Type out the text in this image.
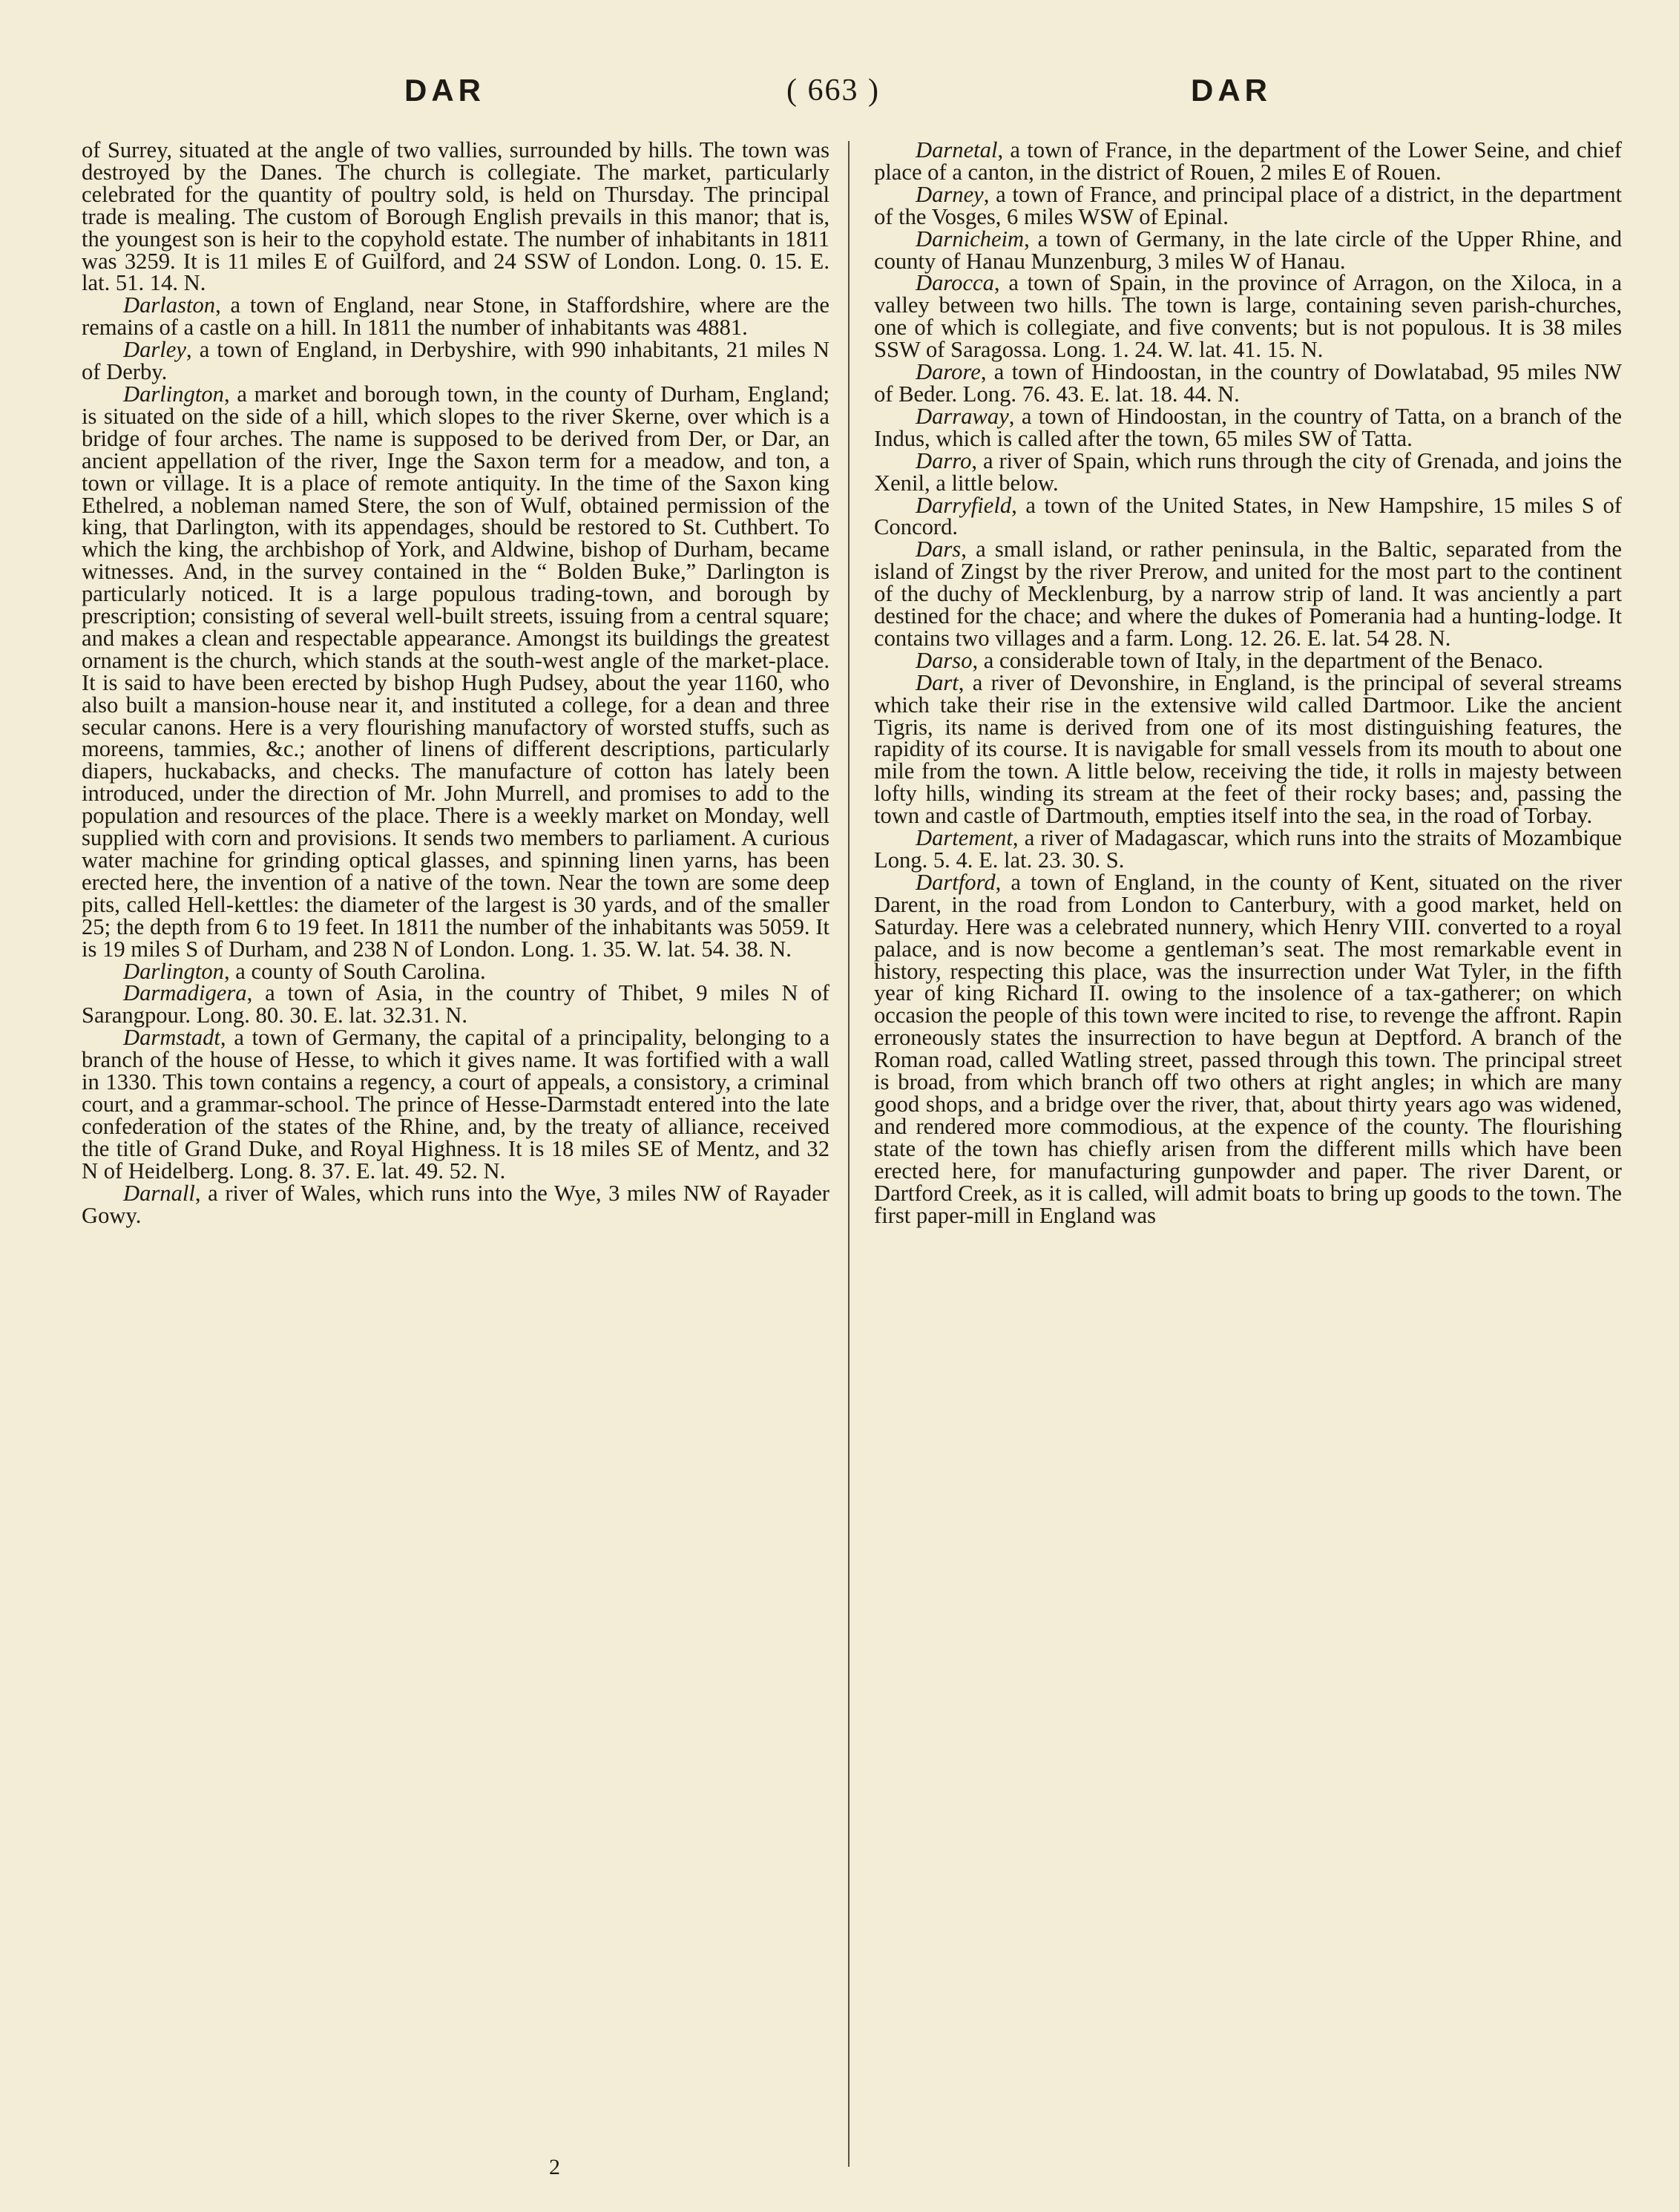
DAR	( 663 )	DAR

of Surrey, situated at the angle of two vallies, surrounded by hills. The town was destroyed by the Danes. The church is collegiate. The market, particularly celebrated for the quantity of poultry sold, is held on Thursday. The principal trade is mealing. The custom of Borough English prevails in this manor; that is, the youngest son is heir to the copyhold estate. The number of inhabitants in 1811 was 3259. It is 11 miles E of Guilford, and 24 SSW of London. Long. 0. 15. E. lat. 51. 14. N.

Darlaston, a town of England, near Stone, in Staffordshire, where are the remains of a castle on a hill. In 1811 the number of inhabitants was 4881.

Darley, a town of England, in Derbyshire, with 990 inhabitants, 21 miles N of Derby.

Darlington, a market and borough town, in the county of Durham, England; is situated on the side of a hill, which slopes to the river Skerne, over which is a bridge of four arches. The name is supposed to be derived from Der, or Dar, an ancient appellation of the river, Inge the Saxon term for a meadow, and ton, a town or village. It is a place of remote antiquity. In the time of the Saxon king Ethelred, a nobleman named Stere, the son of Wulf, obtained permission of the king, that Darlington, with its appendages, should be restored to St. Cuthbert. To which the king, the archbishop of York, and Aldwine, bishop of Durham, became witnesses. And, in the survey contained in the “ Bolden Buke,” Darlington is particularly noticed. It is a large populous trading-town, and borough by prescription; consisting of several well-built streets, issuing from a central square; and makes a clean and respectable appearance. Amongst its buildings the greatest ornament is the church, which stands at the south-west angle of the market-place. It is said to have been erected by bishop Hugh Pudsey, about the year 1160, who also built a mansion-house near it, and instituted a college, for a dean and three secular canons. Here is a very flourishing manufactory of worsted stuffs, such as moreens, tammies, &c.; another of linens of different descriptions, particularly diapers, huckabacks, and checks. The manufacture of cotton has lately been introduced, under the direction of Mr. John Murrell, and promises to add to the population and resources of the place. There is a weekly market on Monday, well supplied with corn and provisions. It sends two members to parliament. A curious water machine for grinding optical glasses, and spinning linen yarns, has been erected here, the invention of a native of the town. Near the town are some deep pits, called Hell-kettles: the diameter of the largest is 30 yards, and of the smaller 25; the depth from 6 to 19 feet. In 1811 the number of the inhabitants was 5059. It is 19 miles S of Durham, and 238 N of London. Long. 1. 35. W. lat. 54. 38. N.

Darlington, a county of South Carolina.

Darmadigera, a town of Asia, in the country of Thibet, 9 miles N of Sarangpour. Long. 80. 30. E. lat. 32.31. N.

Darmstadt, a town of Germany, the capital of a principality, belonging to a branch of the house of Hesse, to which it gives name. It was fortified with a wall in 1330. This town contains a regency, a court of appeals, a consistory, a criminal court, and a grammar-school. The prince of Hesse-Darmstadt entered into the late confederation of the states of the Rhine, and, by the treaty of alliance, received the title of Grand Duke, and Royal Highness. It is 18 miles SE of Mentz, and 32 N of Heidelberg. Long. 8. 37. E. lat. 49. 52. N.

Darnall, a river of Wales, which runs into the Wye, 3 miles NW of Rayader Gowy.

Darnetal, a town of France, in the department of the Lower Seine, and chief place of a canton, in the district of Rouen, 2 miles E of Rouen.

Darney, a town of France, and principal place of a district, in the department of the Vosges, 6 miles WSW of Epinal.

Darnicheim, a town of Germany, in the late circle of the Upper Rhine, and county of Hanau Munzenburg, 3 miles W of Hanau.

Darocca, a town of Spain, in the province of Arragon, on the Xiloca, in a valley between two hills. The town is large, containing seven parish-churches, one of which is collegiate, and five convents; but is not populous. It is 38 miles SSW of Saragossa. Long. 1. 24. W. lat. 41. 15. N.

Darore, a town of Hindoostan, in the country of Dowlatabad, 95 miles NW of Beder. Long. 76. 43. E. lat. 18. 44. N.

Darraway, a town of Hindoostan, in the country of Tatta, on a branch of the Indus, which is called after the town, 65 miles SW of Tatta.

Darro, a river of Spain, which runs through the city of Grenada, and joins the Xenil, a little below.

Darryfield, a town of the United States, in New Hampshire, 15 miles S of Concord.

Dars, a small island, or rather peninsula, in the Baltic, separated from the island of Zingst by the river Prerow, and united for the most part to the continent of the duchy of Mecklenburg, by a narrow strip of land. It was anciently a part destined for the chace; and where the dukes of Pomerania had a hunting-lodge. It contains two villages and a farm. Long. 12. 26. E. lat. 54 28. N.

Darso, a considerable town of Italy, in the department of the Benaco.

Dart, a river of Devonshire, in England, is the principal of several streams which take their rise in the extensive wild called Dartmoor. Like the ancient Tigris, its name is derived from one of its most distinguishing features, the rapidity of its course. It is navigable for small vessels from its mouth to about one mile from the town. A little below, receiving the tide, it rolls in majesty between lofty hills, winding its stream at the feet of their rocky bases; and, passing the town and castle of Dartmouth, empties itself into the sea, in the road of Torbay.

Dartement, a river of Madagascar, which runs into the straits of Mozambique Long. 5. 4. E. lat. 23. 30. S.

Dartford, a town of England, in the county of Kent, situated on the river Darent, in the road from London to Canterbury, with a good market, held on Saturday. Here was a celebrated nunnery, which Henry VIII. converted to a royal palace, and is now become a gentleman’s seat. The most remarkable event in history, respecting this place, was the insurrection under Wat Tyler, in the fifth year of king Richard II. owing to the insolence of a tax-gatherer; on which occasion the people of this town were incited to rise, to revenge the affront. Rapin erroneously states the insurrection to have begun at Deptford. A branch of the Roman road, called Watling street, passed through this town. The principal street is broad, from which branch off two others at right angles; in which are many good shops, and a bridge over the river, that, about thirty years ago was widened, and rendered more commodious, at the expence of the county. The flourishing state of the town has chiefly arisen from the different mills which have been erected here, for manufacturing gunpowder and paper. The river Darent, or Dartford Creek, as it is called, will admit boats to bring up goods to the town. The first paper-mill in England was

2
